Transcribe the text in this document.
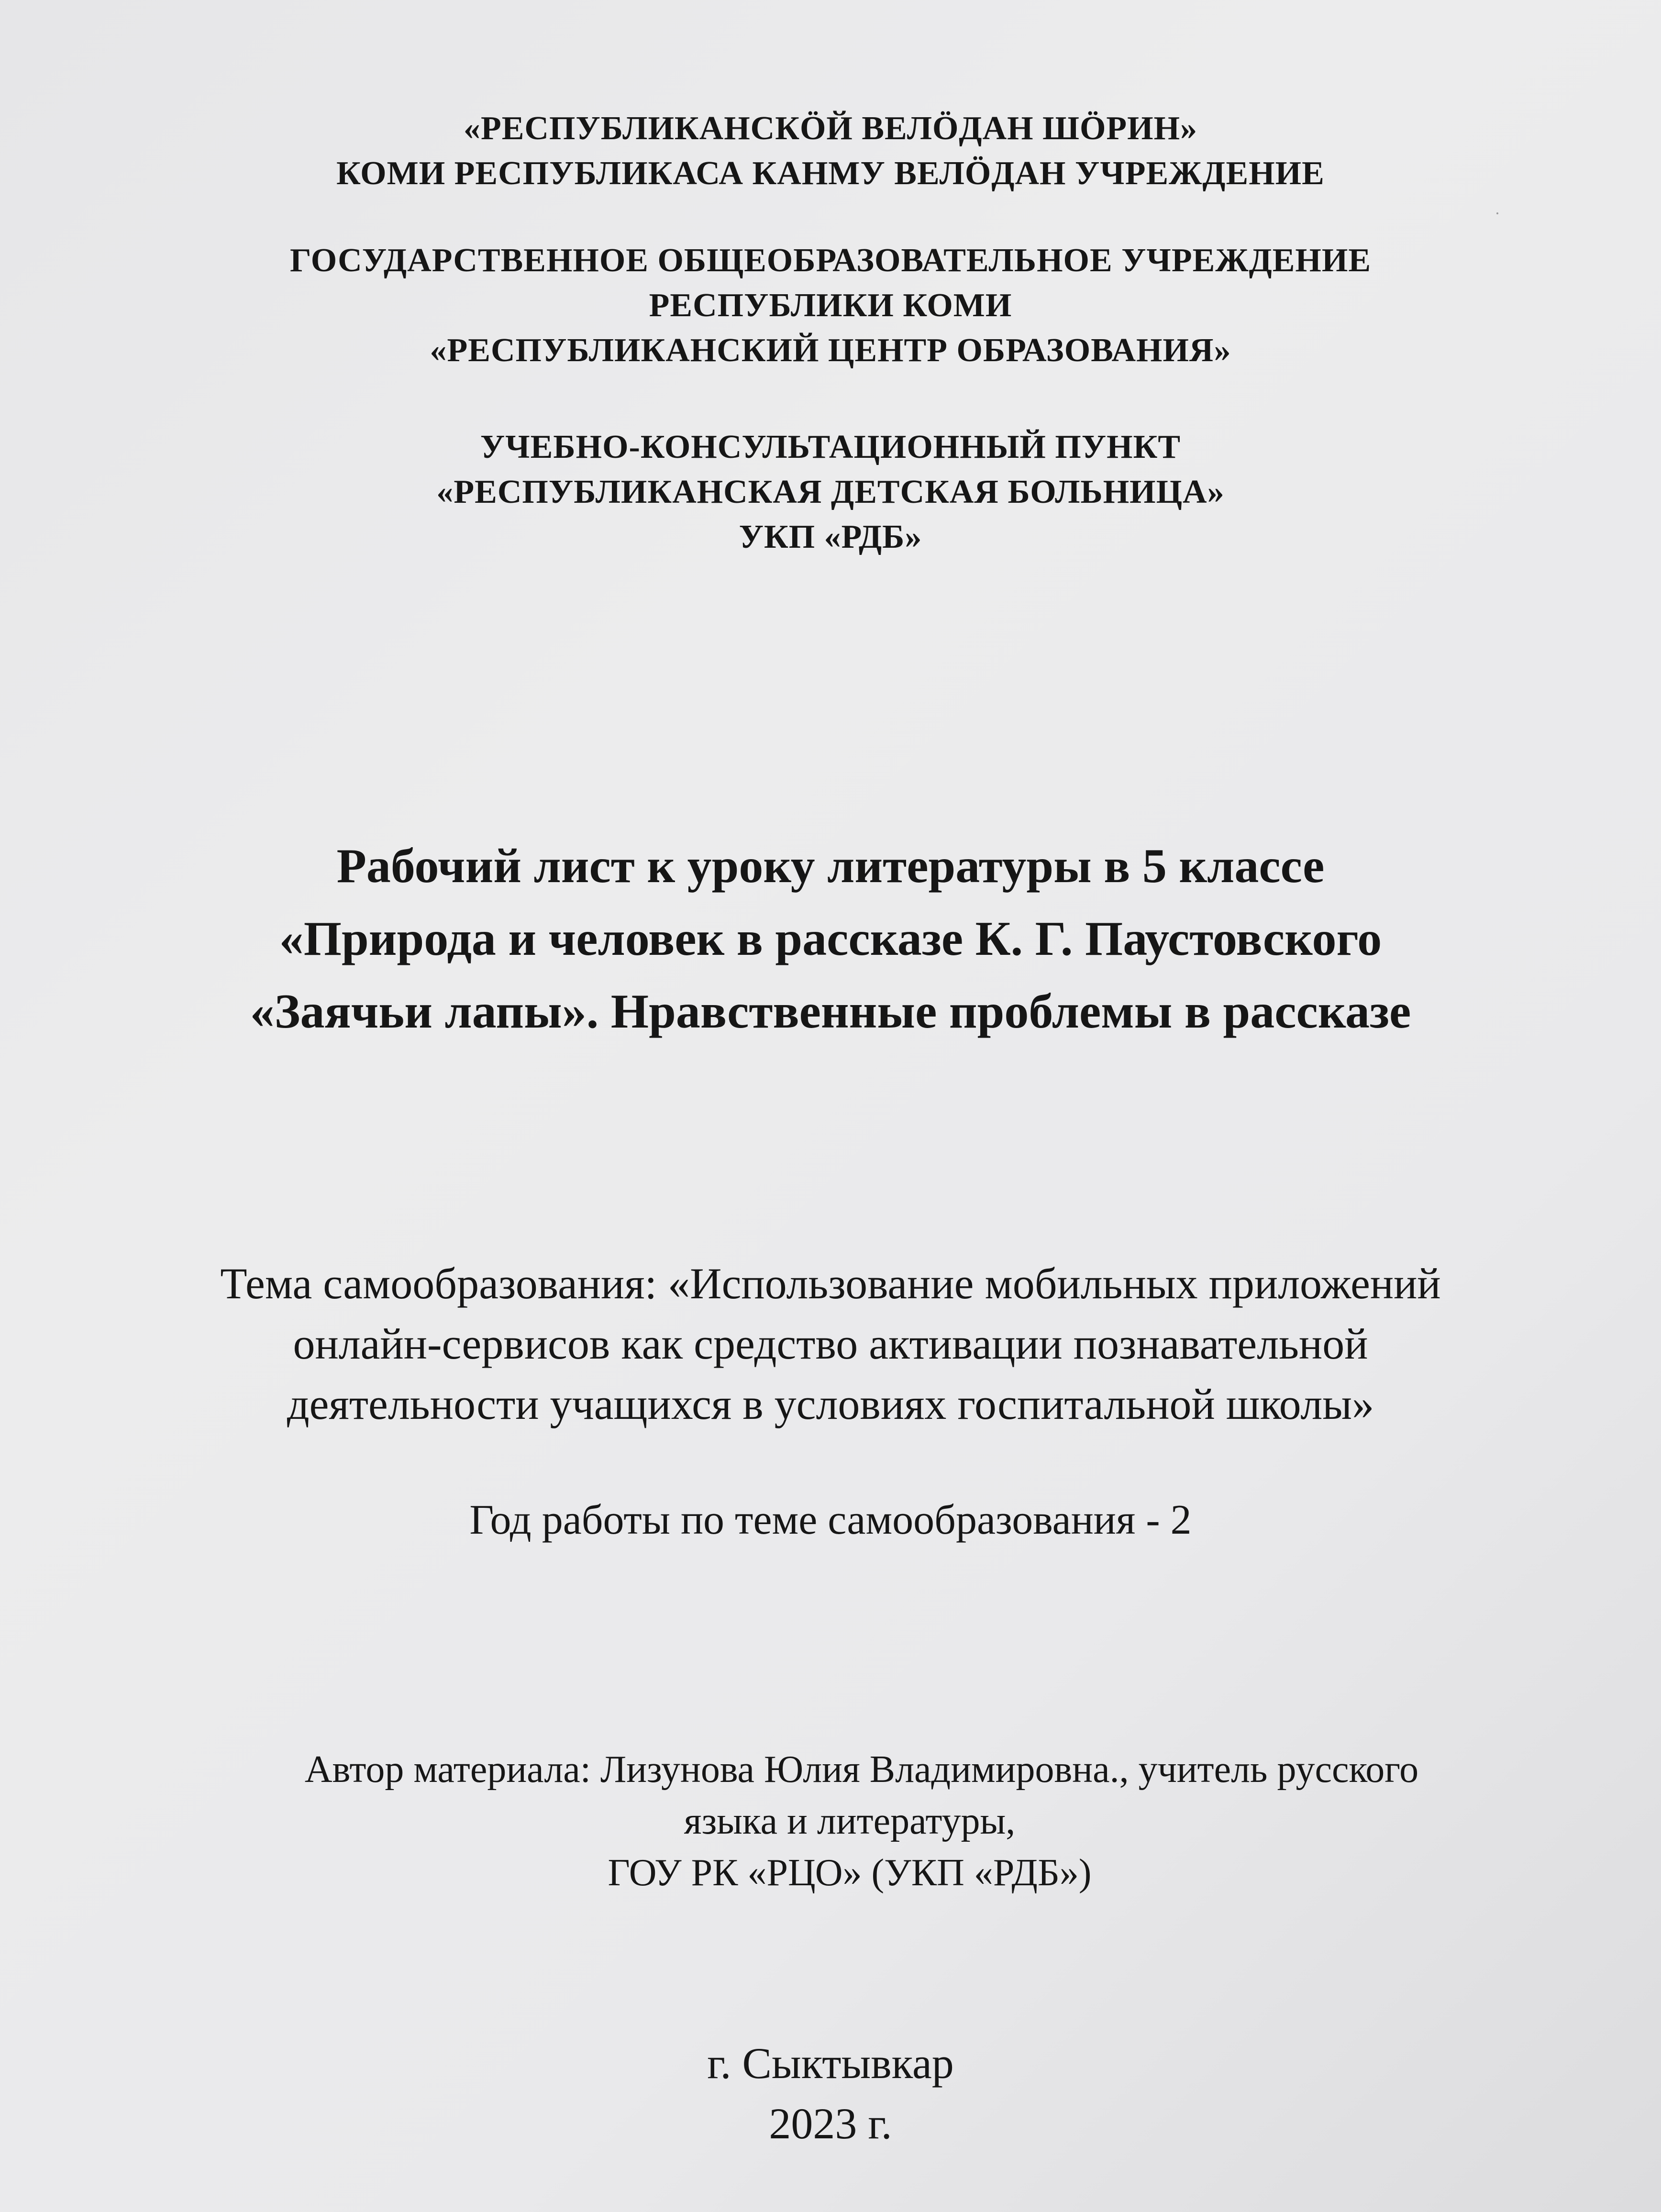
«РЕСПУБЛИКАНСКÖЙ ВЕЛÖДАН ШÖРИН»
КОМИ РЕСПУБЛИКАСА КАНМУ ВЕЛÖДАН УЧРЕЖДЕНИЕ
ГОСУДАРСТВЕННОЕ ОБЩЕОБРАЗОВАТЕЛЬНОЕ УЧРЕЖДЕНИЕ
РЕСПУБЛИКИ КОМИ
«РЕСПУБЛИКАНСКИЙ ЦЕНТР ОБРАЗОВАНИЯ»
УЧЕБНО-КОНСУЛЬТАЦИОННЫЙ ПУНКТ
«РЕСПУБЛИКАНСКАЯ ДЕТСКАЯ БОЛЬНИЦА»
УКП «РДБ»
Рабочий лист к уроку литературы в 5 классе
«Природа и человек в рассказе К. Г. Паустовского
«Заячьи лапы». Нравственные проблемы в рассказе
Тема самообразования: «Использование мобильных приложений
онлайн-сервисов как средство активации познавательной
деятельности учащихся в условиях госпитальной школы»
Год работы по теме самообразования - 2
Автор материала: Лизунова Юлия Владимировна., учитель русского
языка и литературы,
ГОУ РК «РЦО» (УКП «РДБ»)
г. Сыктывкар
2023 г.
